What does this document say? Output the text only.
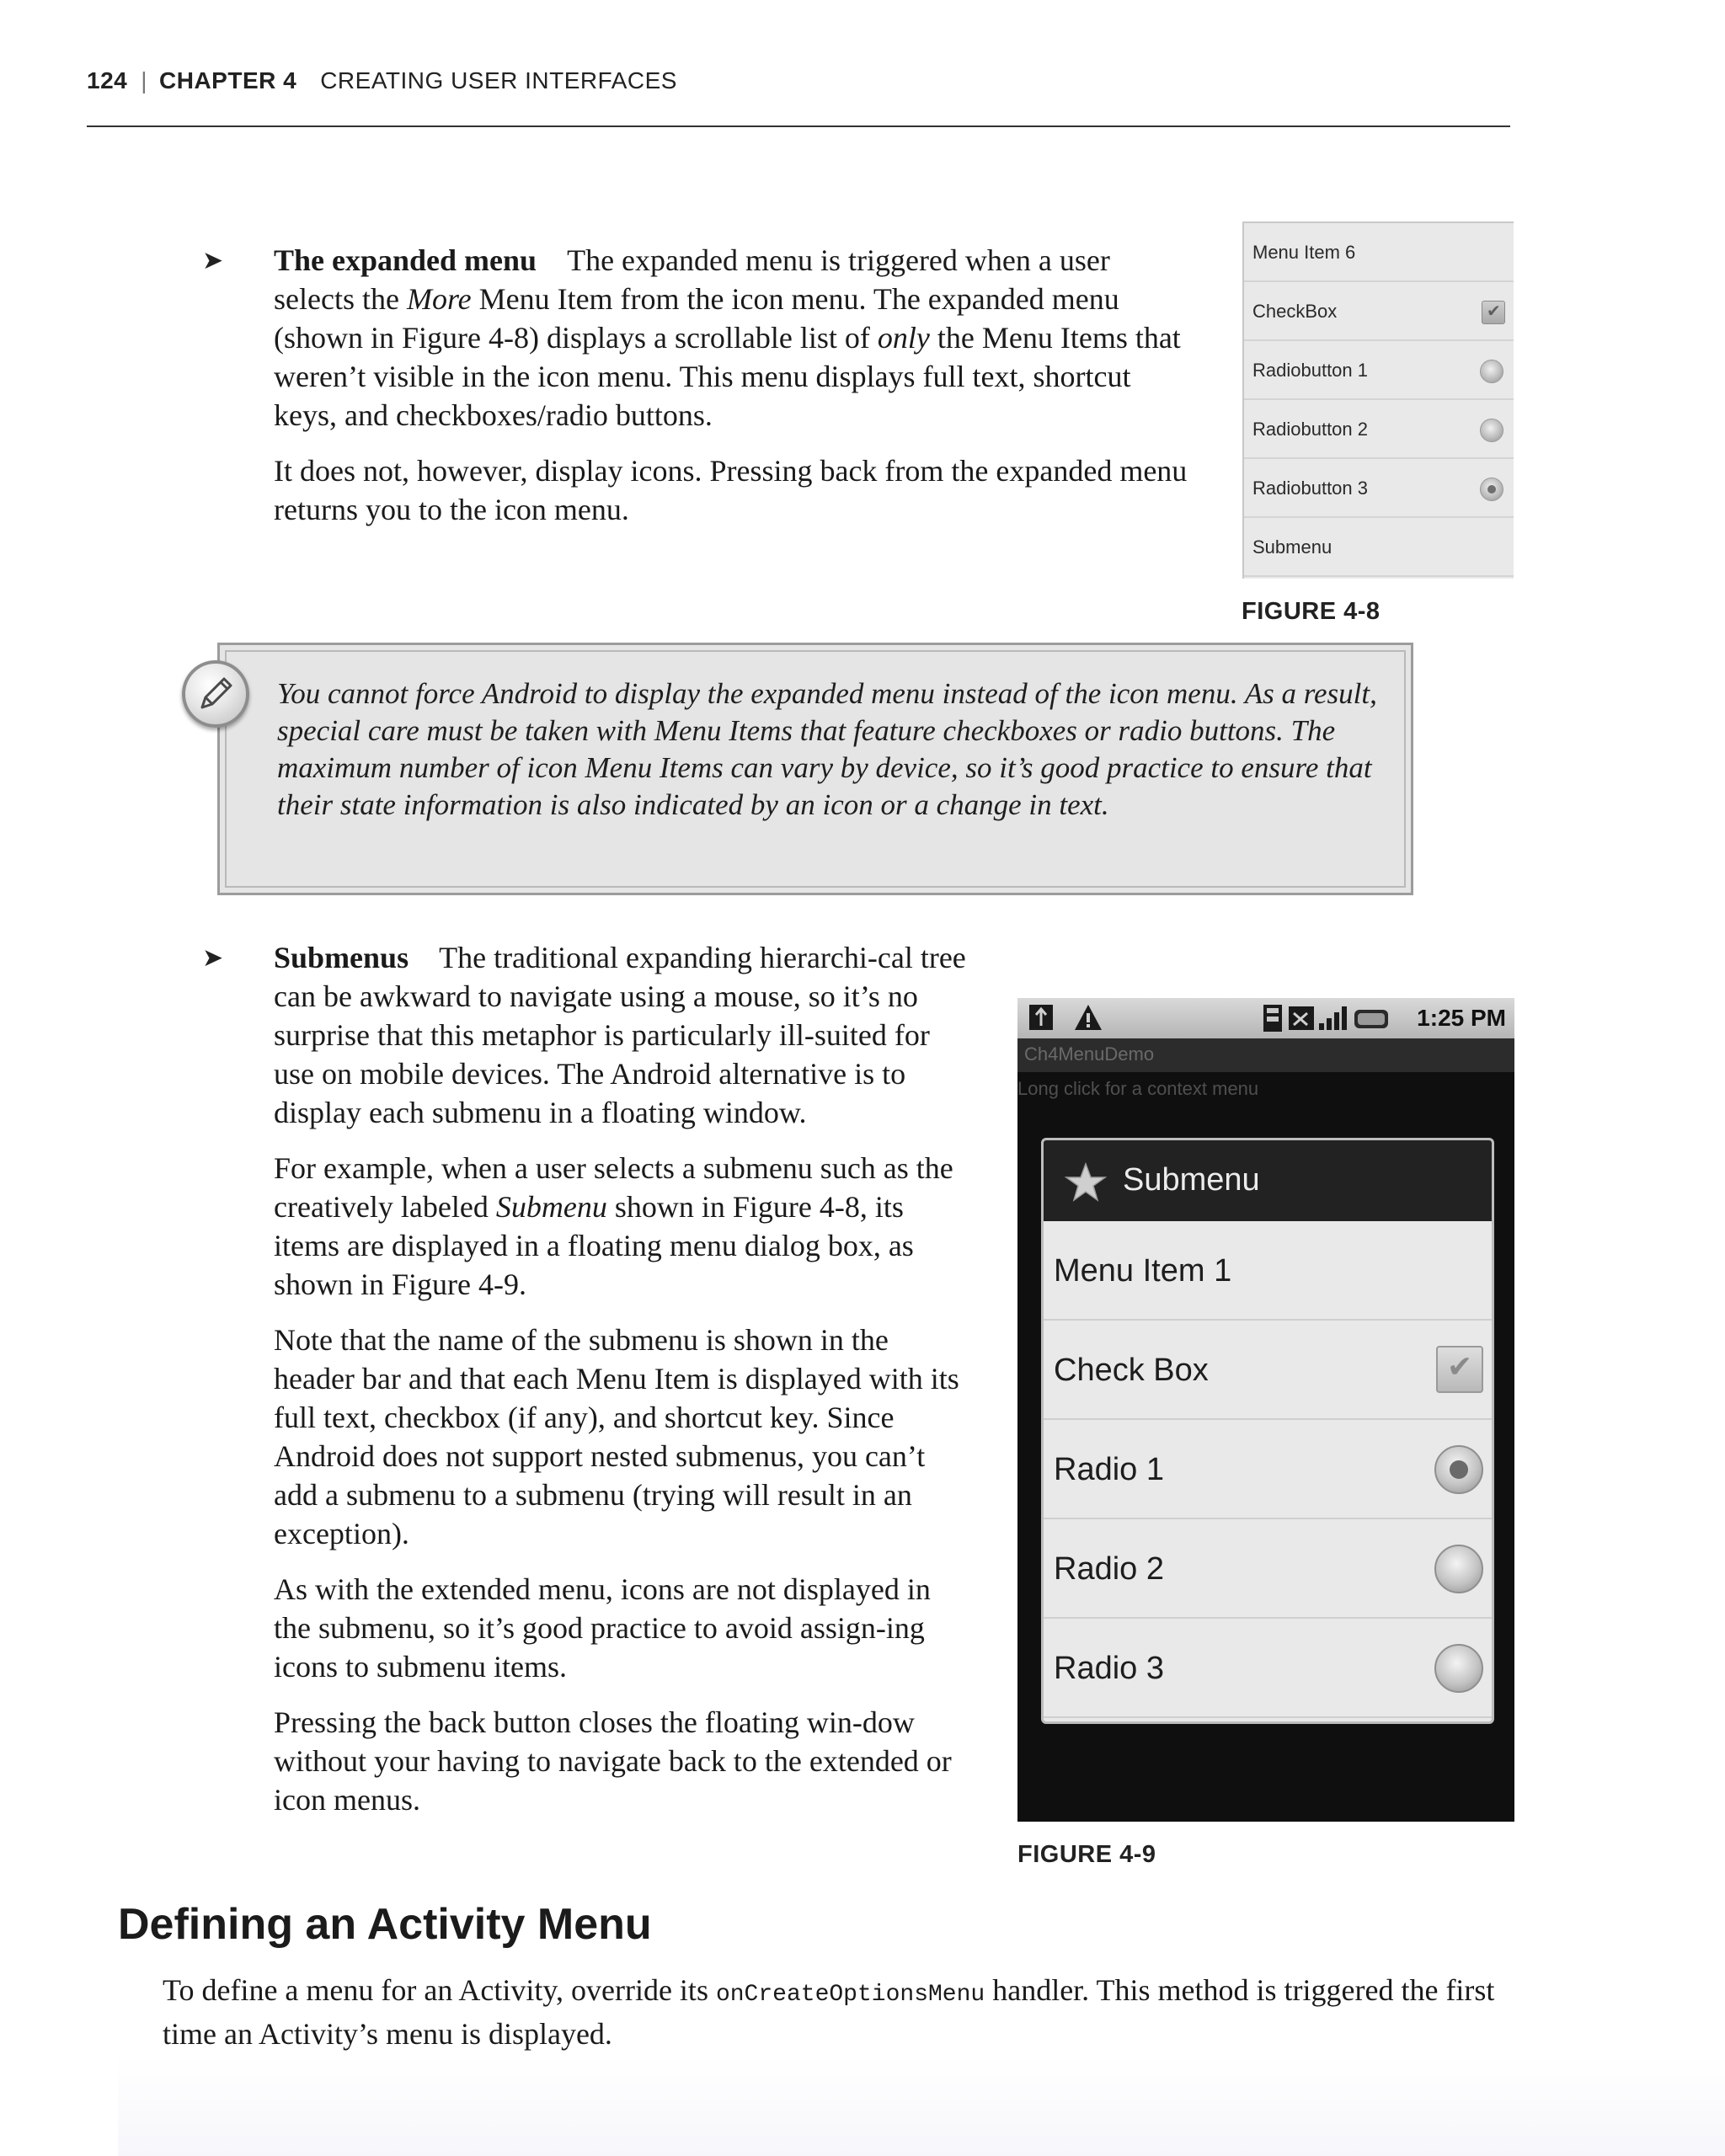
124 | CHAPTER 4 CREATING USER INTERFACES
➤ The expanded menu The expanded menu is triggered when a user selects the More Menu Item from the icon menu. The expanded menu (shown in Figure 4-8) displays a scrollable list of only the Menu Items that weren’t visible in the icon menu. This menu displays full text, shortcut keys, and checkboxes/radio buttons.

It does not, however, display icons. Pressing back from the expanded menu returns you to the icon menu.

Menu Item 6
CheckBox
✔
Radiobutton 1
Radiobutton 2
Radiobutton 3
Submenu
FIGURE 4-8
You cannot force Android to display the expanded menu instead of the icon menu. As a result, special care must be taken with Menu Items that feature checkboxes or radio buttons. The maximum number of icon Menu Items can vary by device, so it’s good practice to ensure that their state information is also indicated by an icon or a change in text.
➤ Submenus The traditional expanding hierarchi-cal tree can be awkward to navigate using a mouse, so it’s no surprise that this metaphor is particularly ill-suited for use on mobile devices. The Android alternative is to display each submenu in a floating window.

For example, when a user selects a submenu such as the creatively labeled Submenu shown in Figure 4-8, its items are displayed in a floating menu dialog box, as shown in Figure 4-9.

Note that the name of the submenu is shown in the header bar and that each Menu Item is displayed with its full text, checkbox (if any), and shortcut key. Since Android does not support nested submenus, you can’t add a submenu to a submenu (trying will result in an exception).

As with the extended menu, icons are not displayed in the submenu, so it’s good practice to avoid assign-ing icons to submenu items.

Pressing the back button closes the floating win-dow without your having to navigate back to the extended or icon menus.

1:25 PM
Ch4MenuDemo
Long click for a context menu
Submenu
Menu Item 1
Check Box
✔
Radio 1
Radio 2
Radio 3
FIGURE 4-9
Defining an Activity Menu

To define a menu for an Activity, override its onCreateOptionsMenu handler. This method is triggered the first time an Activity’s menu is displayed.
